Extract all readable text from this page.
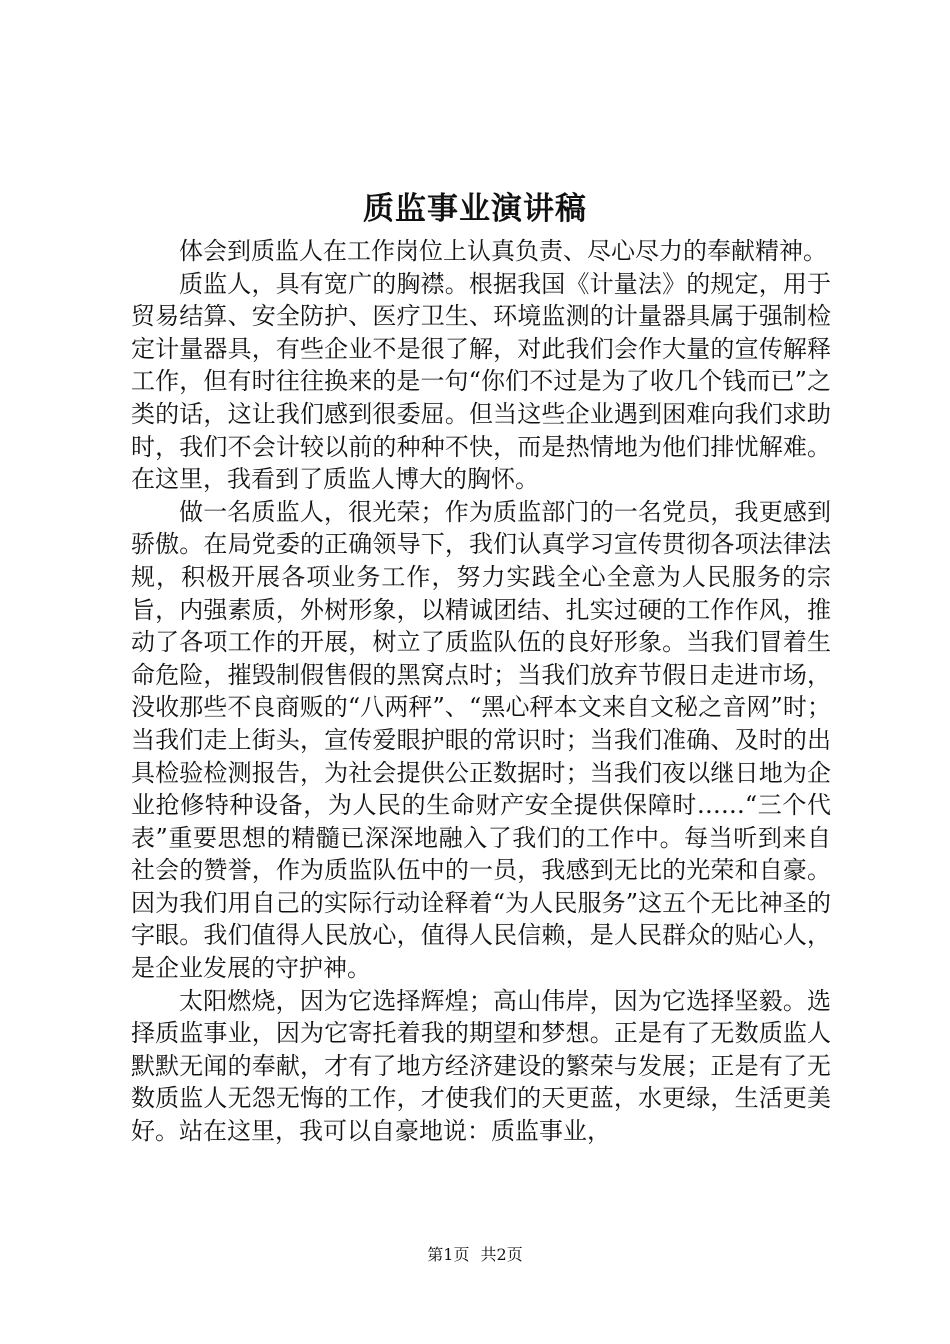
质监事业演讲稿

体会到质监人在工作岗位上认真负责、尽心尽力的奉献精神。

质监人，具有宽广的胸襟。根据我国《计量法》的规定，用于贸易结算、安全防护、医疗卫生、环境监测的计量器具属于强制检定计量器具，有些企业不是很了解，对此我们会作大量的宣传解释工作，但有时往往换来的是一句“你们不过是为了收几个钱而已”之类的话，这让我们感到很委屈。但当这些企业遇到困难向我们求助时，我们不会计较以前的种种不快，而是热情地为他们排忧解难。在这里，我看到了质监人博大的胸怀。

做一名质监人，很光荣；作为质监部门的一名党员，我更感到骄傲。在局党委的正确领导下，我们认真学习宣传贯彻各项法律法规，积极开展各项业务工作，努力实践全心全意为人民服务的宗旨，内强素质，外树形象，以精诚团结、扎实过硬的工作作风，推动了各项工作的开展，树立了质监队伍的良好形象。当我们冒着生命危险，摧毁制假售假的黑窝点时；当我们放弃节假日走进市场，没收那些不良商贩的“八两秤”、“黑心秤本文来自文秘之音网”时；当我们走上街头，宣传爱眼护眼的常识时；当我们准确、及时的出具检验检测报告，为社会提供公正数据时；当我们夜以继日地为企业抢修特种设备，为人民的生命财产安全提供保障时……“三个代表”重要思想的精髓已深深地融入了我们的工作中。每当听到来自社会的赞誉，作为质监队伍中的一员，我感到无比的光荣和自豪。因为我们用自己的实际行动诠释着“为人民服务”这五个无比神圣的字眼。我们值得人民放心，值得人民信赖，是人民群众的贴心人，是企业发展的守护神。

太阳燃烧，因为它选择辉煌；高山伟岸，因为它选择坚毅。选择质监事业，因为它寄托着我的期望和梦想。正是有了无数质监人默默无闻的奉献，才有了地方经济建设的繁荣与发展；正是有了无数质监人无怨无悔的工作，才使我们的天更蓝，水更绿，生活更美好。站在这里，我可以自豪地说：质监事业，

第1页 共2页
